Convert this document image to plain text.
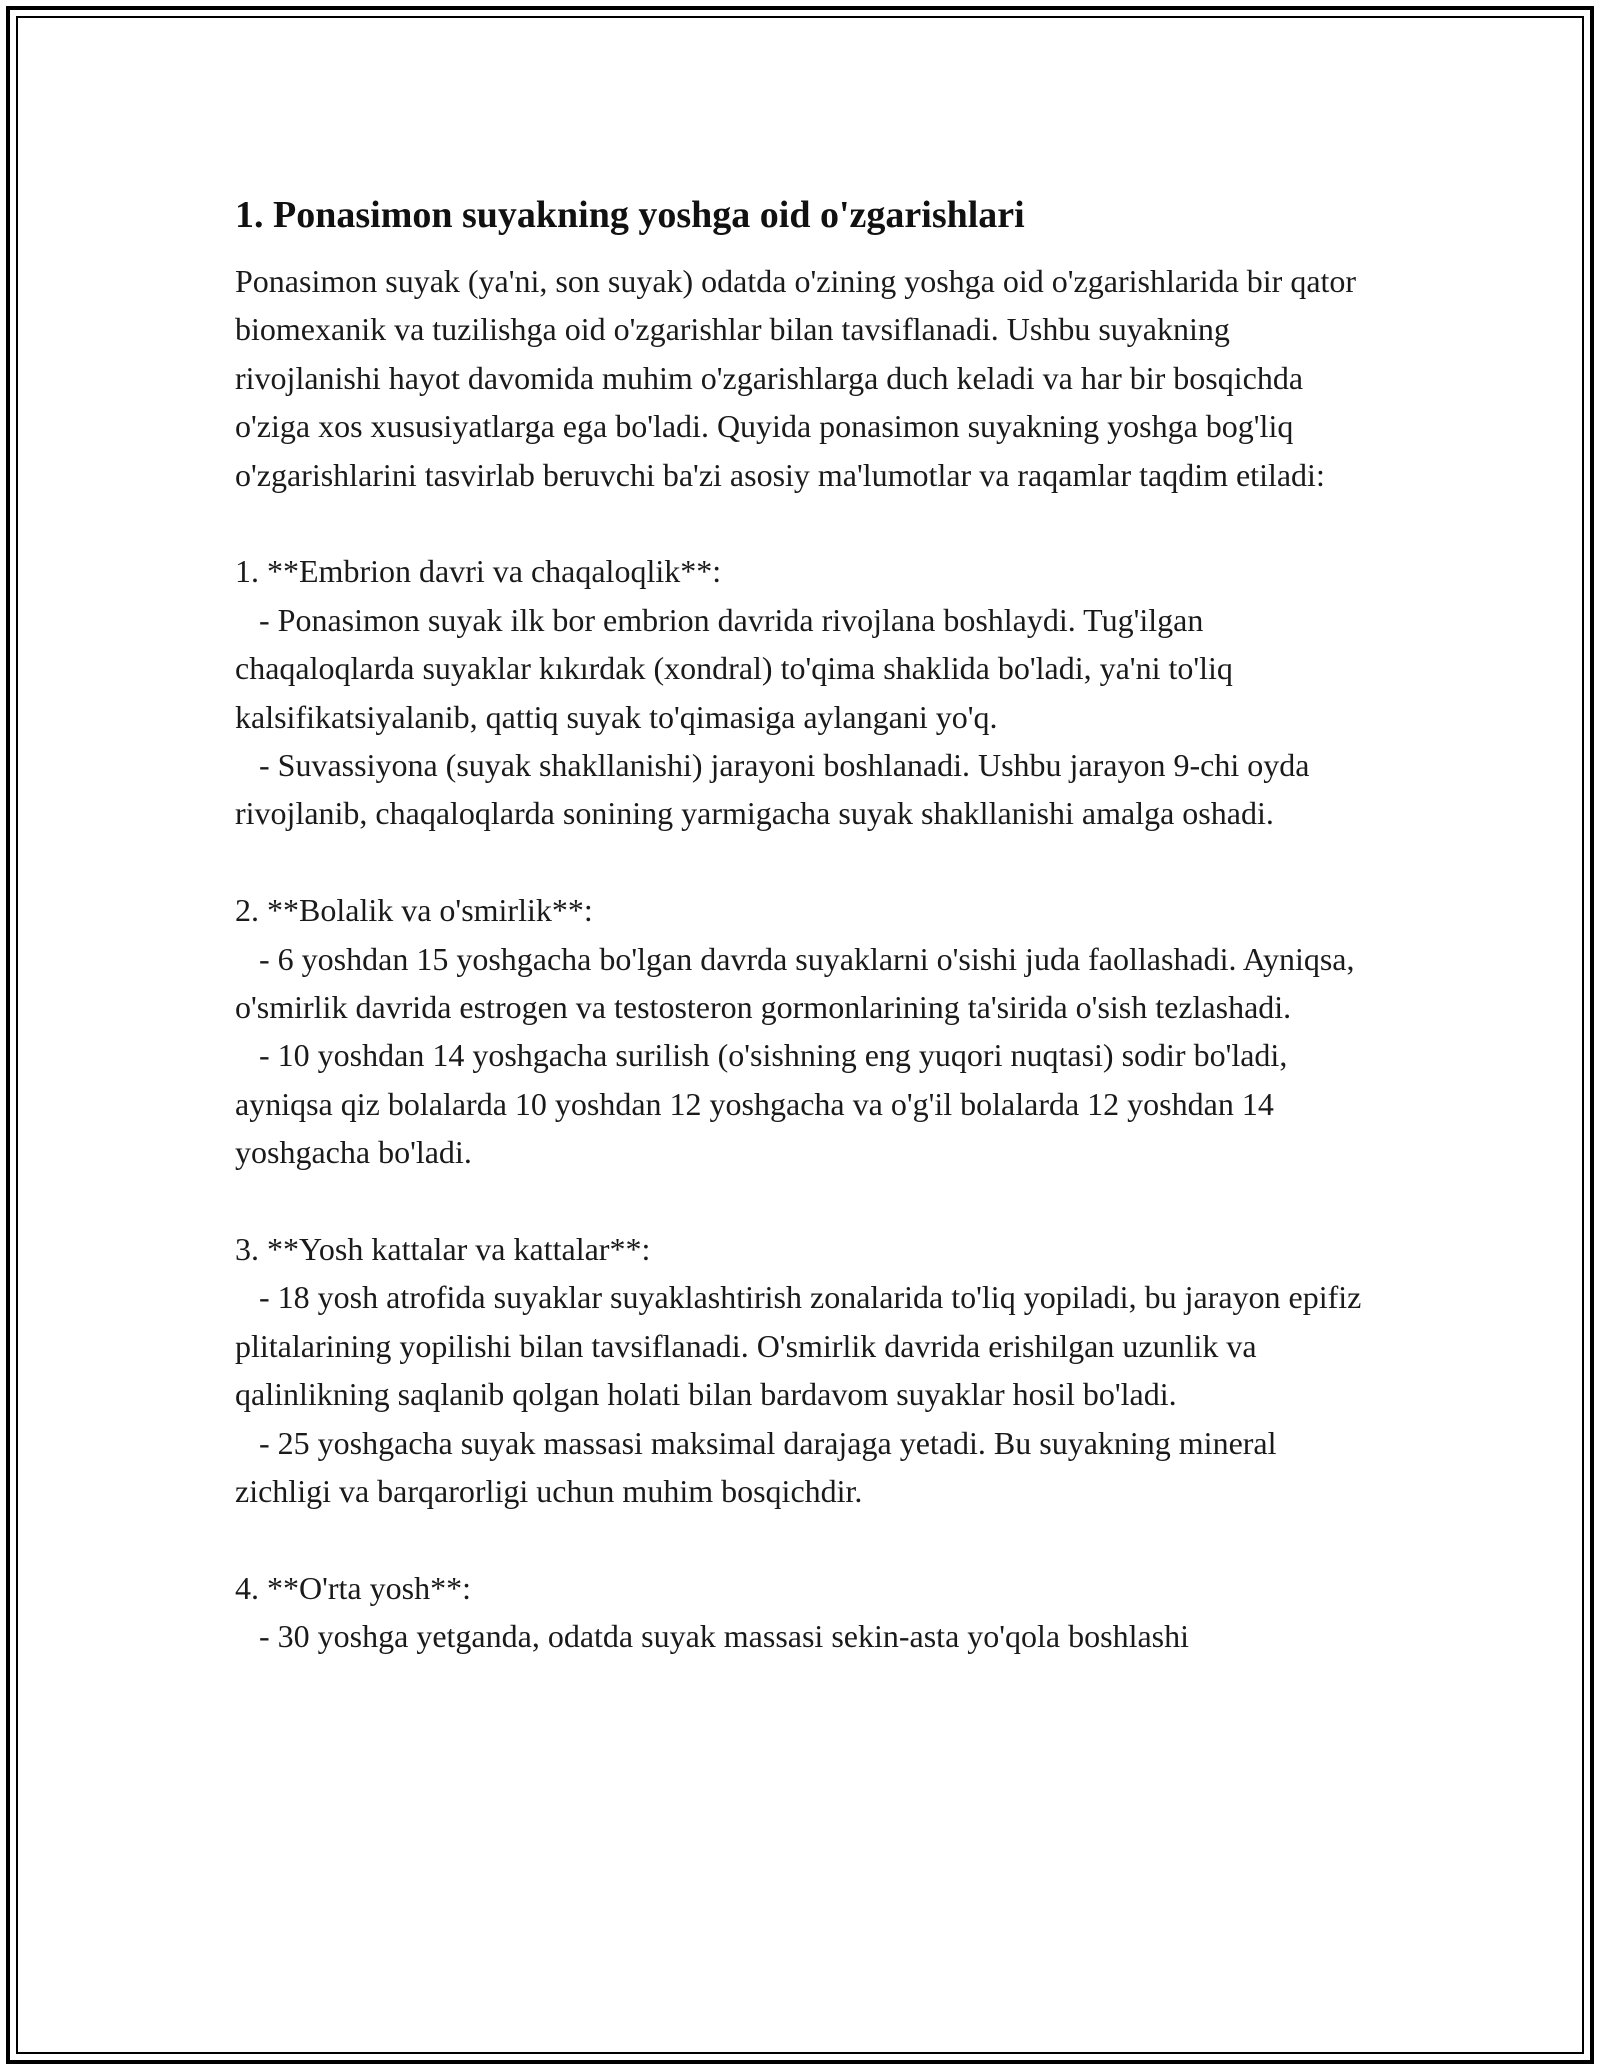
1. Ponasimon suyakning yoshga oid o'zgarishlari

Ponasimon suyak (ya'ni, son suyak) odatda o'zining yoshga oid o'zgarishlarida bir qator biomexanik va tuzilishga oid o'zgarishlar bilan tavsiflanadi. Ushbu suyakning rivojlanishi hayot davomida muhim o'zgarishlarga duch keladi va har bir bosqichda o'ziga xos xususiyatlarga ega bo'ladi. Quyida ponasimon suyakning yoshga bog'liq o'zgarishlarini tasvirlab beruvchi ba'zi asosiy ma'lumotlar va raqamlar taqdim etiladi:

1. **Embrion davri va chaqaloqlik**:

- Ponasimon suyak ilk bor embrion davrida rivojlana boshlaydi. Tug'ilgan chaqaloqlarda suyaklar kıkırdak (xondral) to'qima shaklida bo'ladi, ya'ni to'liq kalsifikatsiyalanib, qattiq suyak to'qimasiga aylangani yo'q.

- Suvassiyona (suyak shakllanishi) jarayoni boshlanadi. Ushbu jarayon 9-chi oyda rivojlanib, chaqaloqlarda sonining yarmigacha suyak shakllanishi amalga oshadi.

2. **Bolalik va o'smirlik**:

- 6 yoshdan 15 yoshgacha bo'lgan davrda suyaklarni o'sishi juda faollashadi. Ayniqsa, o'smirlik davrida estrogen va testosteron gormonlarining ta'sirida o'sish tezlashadi.

- 10 yoshdan 14 yoshgacha surilish (o'sishning eng yuqori nuqtasi) sodir bo'ladi, ayniqsa qiz bolalarda 10 yoshdan 12 yoshgacha va o'g'il bolalarda 12 yoshdan 14 yoshgacha bo'ladi.

3. **Yosh kattalar va kattalar**:

- 18 yosh atrofida suyaklar suyaklashtirish zonalarida to'liq yopiladi, bu jarayon epifiz plitalarining yopilishi bilan tavsiflanadi. O'smirlik davrida erishilgan uzunlik va qalinlikning saqlanib qolgan holati bilan bardavom suyaklar hosil bo'ladi.

- 25 yoshgacha suyak massasi maksimal darajaga yetadi. Bu suyakning mineral zichligi va barqarorligi uchun muhim bosqichdir.

4. **O'rta yosh**:

- 30 yoshga yetganda, odatda suyak massasi sekin-asta yo'qola boshlashi
